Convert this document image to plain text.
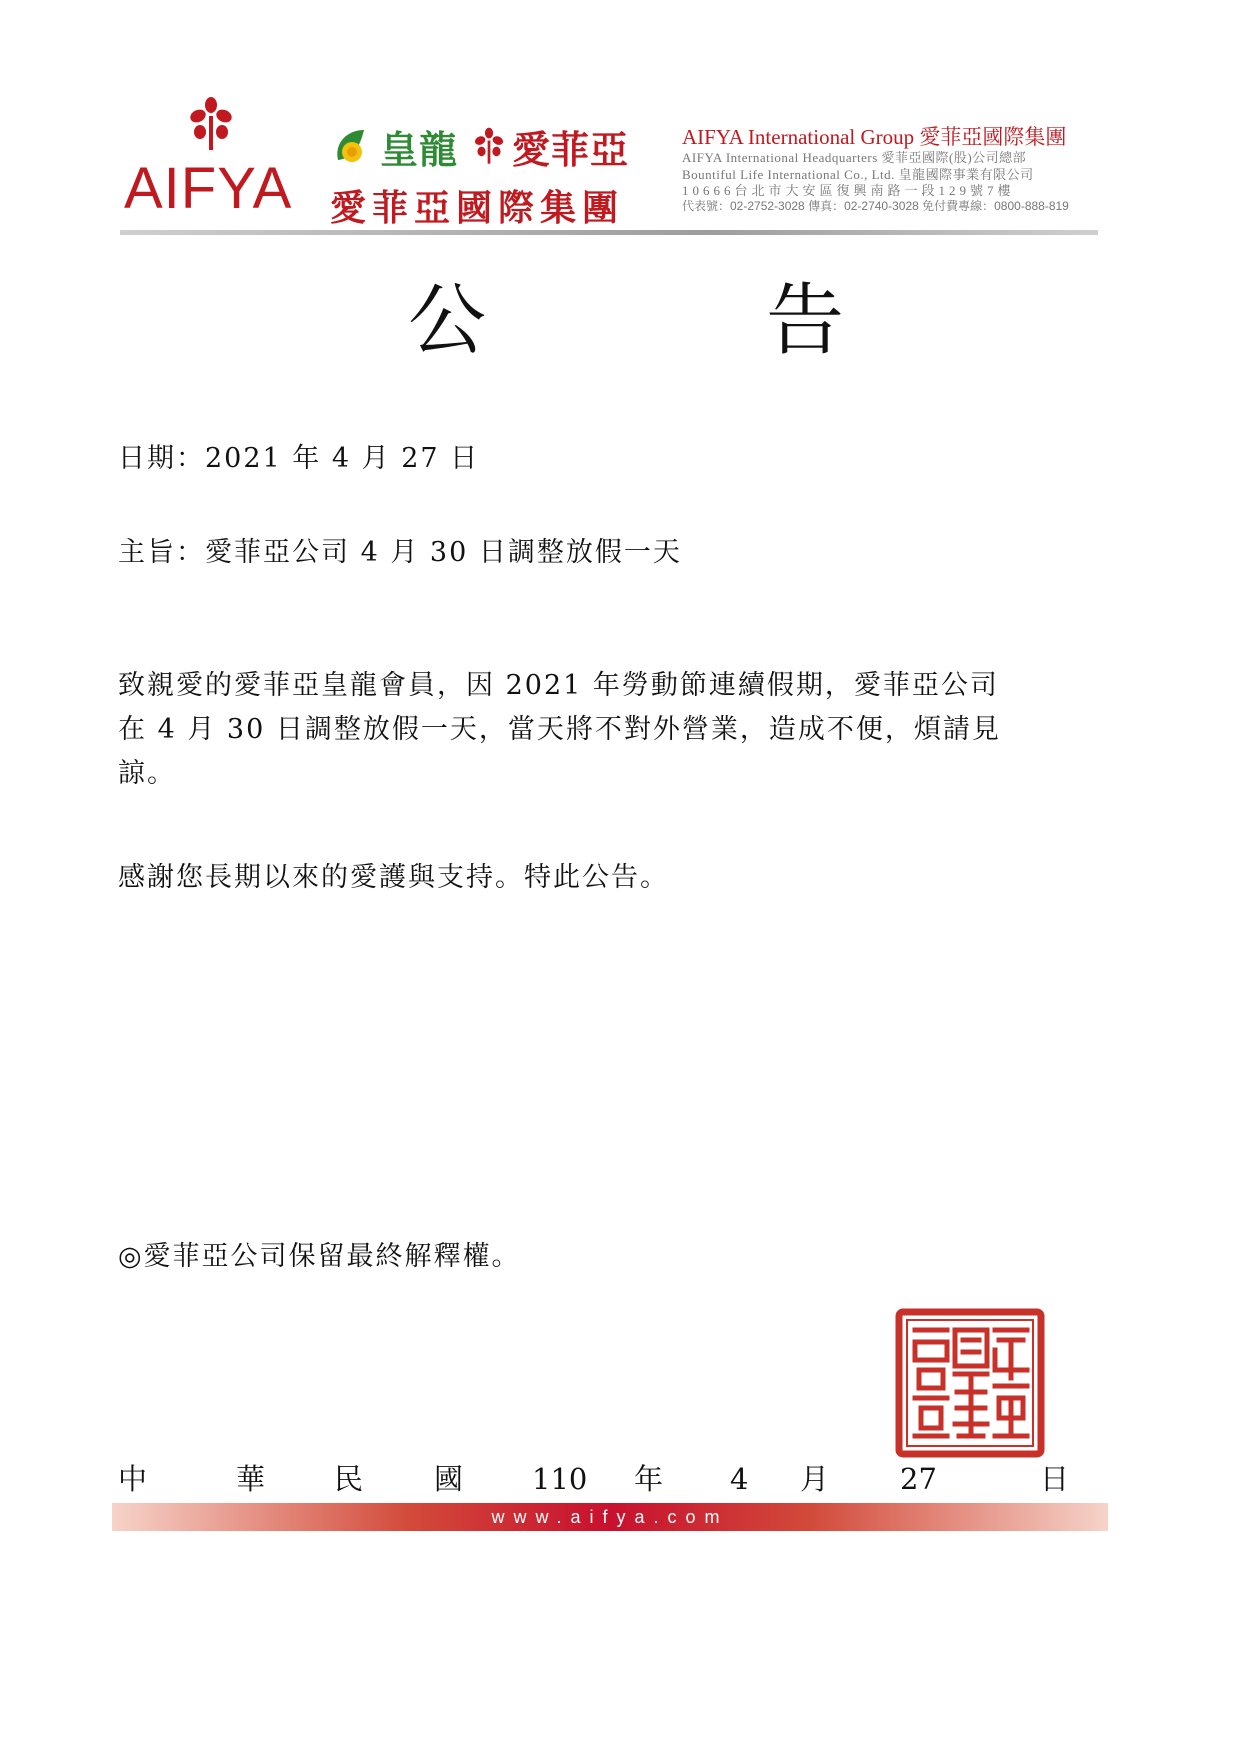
AIFYA
皇龍 愛菲亞
愛菲亞國際集團
AIFYA International Group 愛菲亞國際集團
AIFYA International Headquarters 愛菲亞國際(股)公司總部
Bountiful Life International Co., Ltd. 皇龍國際事業有限公司
10666台北市大安區復興南路一段129號7樓
代表號：02-2752-3028 傳真：02-2740-3028 免付費專線：0800-888-819
公	告
日期：2021 年 4 月 27 日
主旨：愛菲亞公司 4 月 30 日調整放假一天
致親愛的愛菲亞皇龍會員，因 2021 年勞動節連續假期，愛菲亞公司
在 4 月 30 日調整放假一天，當天將不對外營業，造成不便，煩請見
諒。
感謝您長期以來的愛護與支持。特此公告。
◎愛菲亞公司保留最終解釋權。
中	華 民 國 110 年 4 月 27	日
www.aifya.com
